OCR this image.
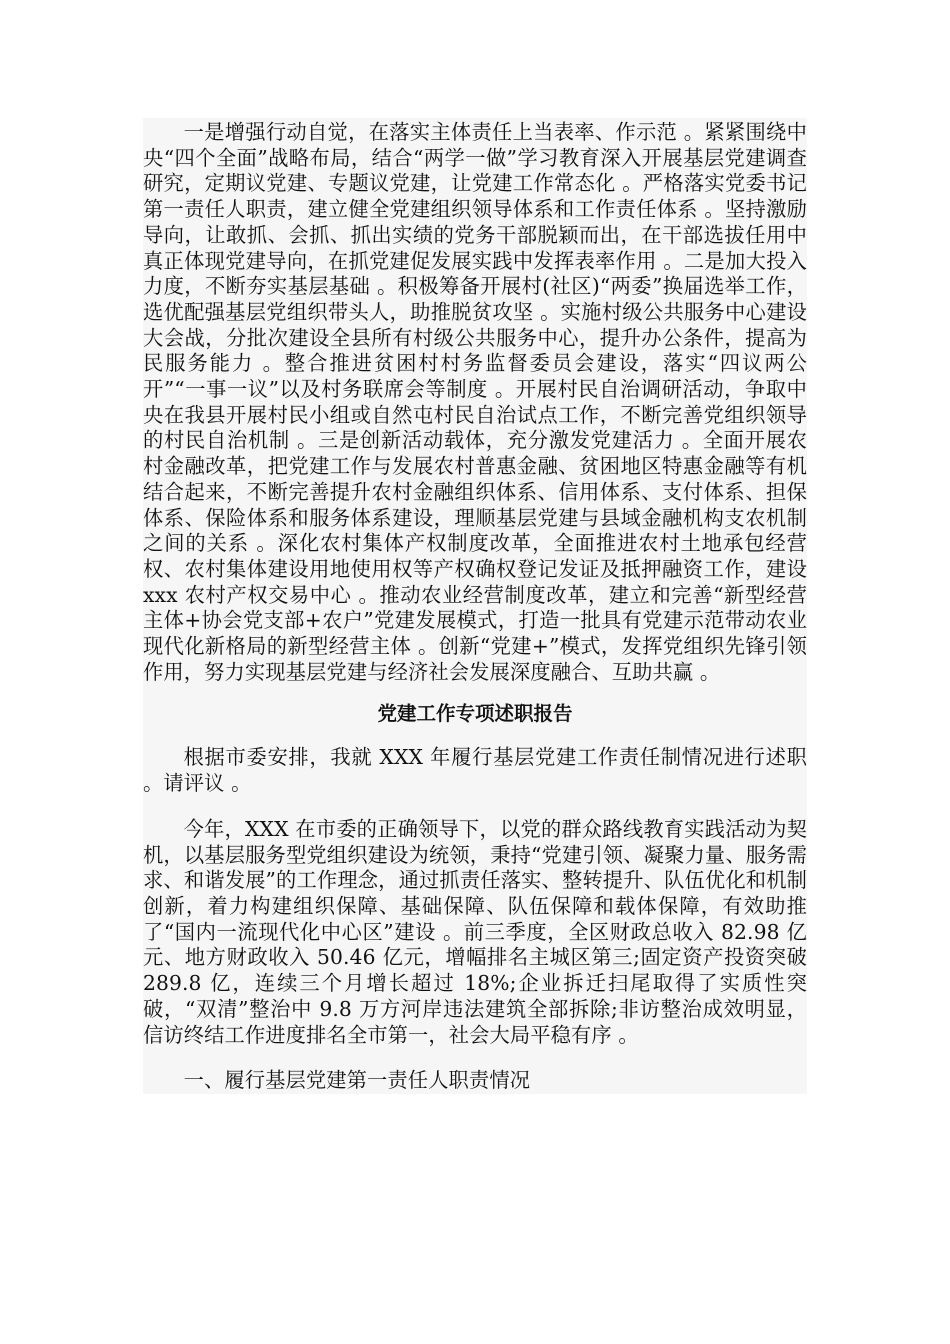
一是增强行动自觉，在落实主体责任上当表率、作示范 。紧紧围绕中央“四个全面”战略布局，结合“两学一做”学习教育深入开展基层党建调查研究，定期议党建、专题议党建，让党建工作常态化 。严格落实党委书记第一责任人职责，建立健全党建组织领导体系和工作责任体系 。坚持激励导向，让敢抓、会抓、抓出实绩的党务干部脱颖而出，在干部选拔任用中真正体现党建导向，在抓党建促发展实践中发挥表率作用 。二是加大投入力度，不断夯实基层基础 。积极筹备开展村(社区)“两委”换届选举工作，选优配强基层党组织带头人，助推脱贫攻坚 。实施村级公共服务中心建设大会战，分批次建设全县所有村级公共服务中心，提升办公条件，提高为民服务能力 。整合推进贫困村村务监督委员会建设，落实“四议两公开”“一事一议”以及村务联席会等制度 。开展村民自治调研活动，争取中央在我县开展村民小组或自然屯村民自治试点工作，不断完善党组织领导的村民自治机制 。三是创新活动载体，充分激发党建活力 。全面开展农村金融改革，把党建工作与发展农村普惠金融、贫困地区特惠金融等有机结合起来，不断完善提升农村金融组织体系、信用体系、支付体系、担保体系、保险体系和服务体系建设，理顺基层党建与县域金融机构支农机制之间的关系 。深化农村集体产权制度改革，全面推进农村土地承包经营权、农村集体建设用地使用权等产权确权登记发证及抵押融资工作，建设 xxx 农村产权交易中心 。推动农业经营制度改革，建立和完善“新型经营主体+协会党支部+农户”党建发展模式，打造一批具有党建示范带动农业现代化新格局的新型经营主体 。创新“党建+”模式，发挥党组织先锋引领作用，努力实现基层党建与经济社会发展深度融合、互助共赢 。

党建工作专项述职报告

根据市委安排，我就 XXX 年履行基层党建工作责任制情况进行述职 。请评议 。

今年，XXX 在市委的正确领导下，以党的群众路线教育实践活动为契机，以基层服务型党组织建设为统领，秉持“党建引领、凝聚力量、服务需求、和谐发展”的工作理念，通过抓责任落实、整转提升、队伍优化和机制创新，着力构建组织保障、基础保障、队伍保障和载体保障，有效助推了“国内一流现代化中心区”建设 。前三季度，全区财政总收入 82.98 亿元、地方财政收入 50.46 亿元，增幅排名主城区第三;固定资产投资突破 289.8 亿，连续三个月增长超过 18%;企业拆迁扫尾取得了实质性突破，“双清”整治中 9.8 万方河岸违法建筑全部拆除;非访整治成效明显，信访终结工作进度排名全市第一，社会大局平稳有序 。

一、履行基层党建第一责任人职责情况
